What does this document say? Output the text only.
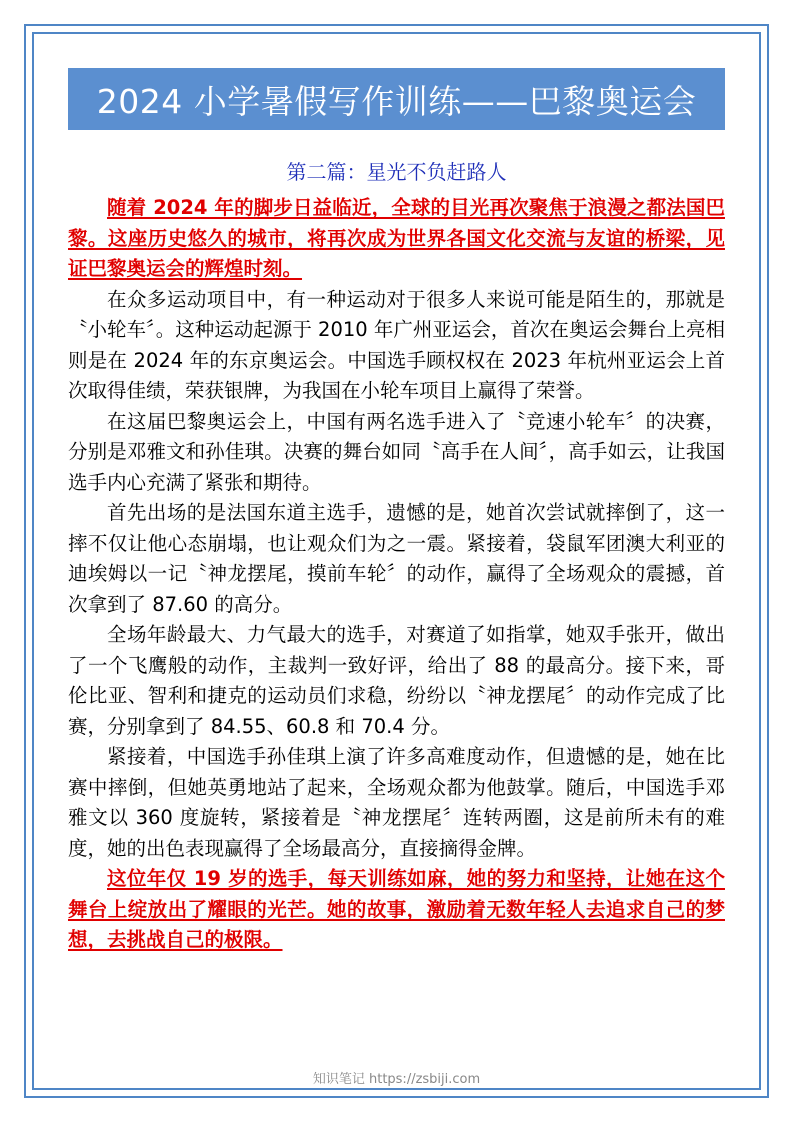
2024 小学暑假写作训练——巴黎奥运会
第二篇：星光不负赶路人

随着 2024 年的脚步日益临近，全球的目光再次聚焦于浪漫之都法国巴黎。这座历史悠久的城市，将再次成为世界各国文化交流与友谊的桥梁，见证巴黎奥运会的辉煌时刻。

在众多运动项目中，有一种运动对于很多人来说可能是陌生的，那就是〝小轮车〞。这种运动起源于 2010 年广州亚运会，首次在奥运会舞台上亮相则是在 2024 年的东京奥运会。中国选手顾权权在 2023 年杭州亚运会上首次取得佳绩，荣获银牌，为我国在小轮车项目上赢得了荣誉。

在这届巴黎奥运会上，中国有两名选手进入了〝竞速小轮车〞的决赛，分别是邓雅文和孙佳琪。决赛的舞台如同〝高手在人间〞，高手如云，让我国选手内心充满了紧张和期待。

首先出场的是法国东道主选手，遗憾的是，她首次尝试就摔倒了，这一摔不仅让他心态崩塌，也让观众们为之一震。紧接着，袋鼠军团澳大利亚的迪埃姆以一记〝神龙摆尾，摸前车轮〞的动作，赢得了全场观众的震撼，首次拿到了 87.60 的高分。

全场年龄最大、力气最大的选手，对赛道了如指掌，她双手张开，做出了一个飞鹰般的动作，主裁判一致好评，给出了 88 的最高分。接下来，哥伦比亚、智利和捷克的运动员们求稳，纷纷以〝神龙摆尾〞的动作完成了比赛，分别拿到了 84.55、60.8 和 70.4 分。

紧接着，中国选手孙佳琪上演了许多高难度动作，但遗憾的是，她在比赛中摔倒，但她英勇地站了起来，全场观众都为他鼓掌。随后，中国选手邓雅文以 360 度旋转，紧接着是〝神龙摆尾〞连转两圈，这是前所未有的难度，她的出色表现赢得了全场最高分，直接摘得金牌。

这位年仅 19 岁的选手，每天训练如麻，她的努力和坚持，让她在这个舞台上绽放出了耀眼的光芒。她的故事，激励着无数年轻人去追求自己的梦想，去挑战自己的极限。

知识笔记 https://zsbiji.com
